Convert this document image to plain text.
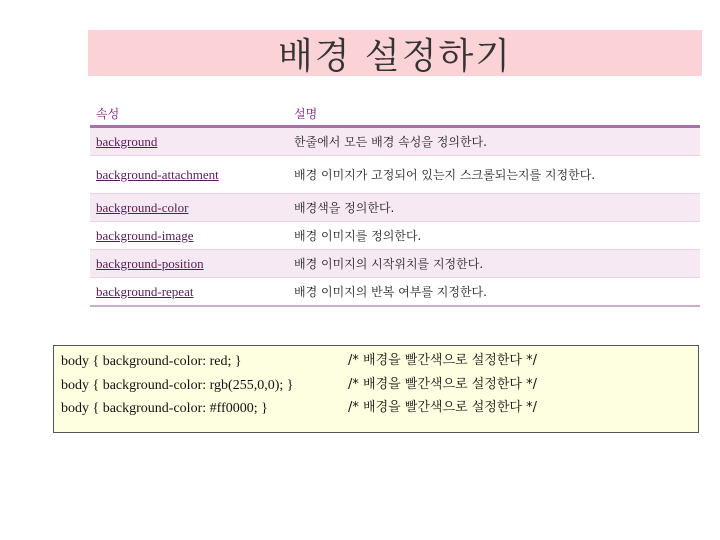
배경 설정하기
속성	설명
background	한줄에서 모든 배경 속성을 정의한다.
background-attachment	배경 이미지가 고정되어 있는지 스크롤되는지를 지정한다.
background-color	배경색을 정의한다.
background-image	배경 이미지를 정의한다.
background-position	배경 이미지의 시작위치를 지정한다.
background-repeat	배경 이미지의 반복 여부를 지정한다.
body { background-color: red; }	/* 배경을 빨간색으로 설정한다 */
body { background-color: rgb(255,0,0); }	/* 배경을 빨간색으로 설정한다 */
body { background-color: #ff0000; }	/* 배경을 빨간색으로 설정한다 */
